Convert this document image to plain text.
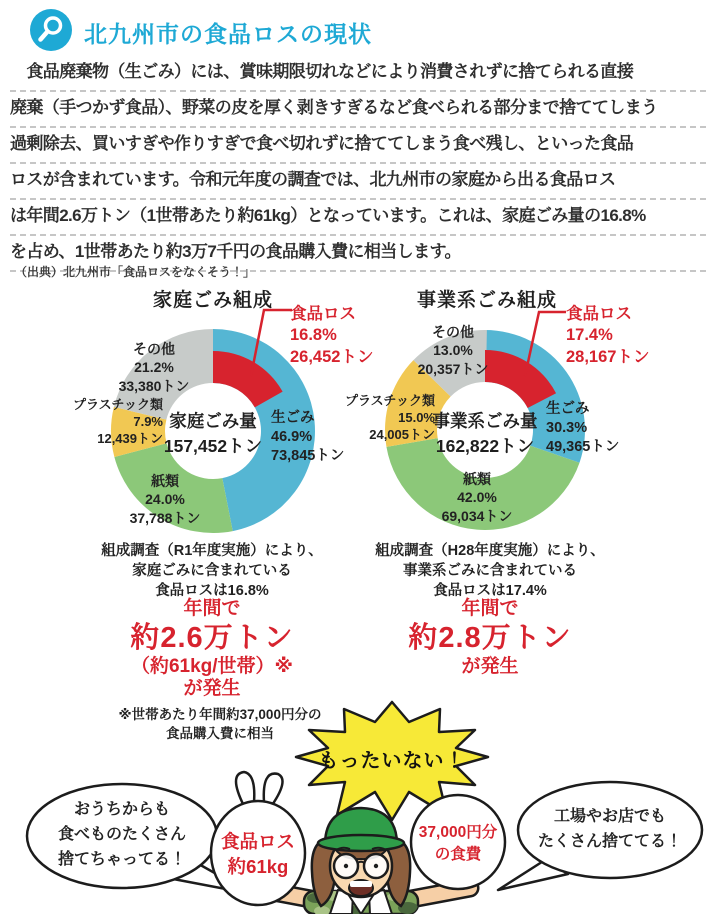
北九州市の食品ロスの現状
　食品廃棄物（生ごみ）には、賞味期限切れなどにより消費されずに捨てられる直接
廃棄（手つかず食品）、野菜の皮を厚く剥きすぎるなど食べられる部分まで捨ててしまう
過剰除去、買いすぎや作りすぎで食べ切れずに捨ててしまう食べ残し、といった食品
ロスが含まれています。令和元年度の調査では、北九州市の家庭から出る食品ロス
は年間2.6万トン（1世帯あたり約61kg）となっています。これは、家庭ごみ量の16.8%
を占め、1世帯あたり約3万7千円の食品購入費に相当します。
（出典）北九州市「食品ロスをなくそう！」
家庭ごみ組成
食品ロス
16.8%
26,452トン
その他
21.2%
33,380トン
プラスチック類
7.9%
12,439トン
家庭ごみ量
157,452トン
生ごみ
46.9%
73,845トン
紙類
24.0%
37,788トン
組成調査（R1年度実施）により、
家庭ごみに含まれている
食品ロスは16.8%
年間で
約2.6万トン
（約61kg/世帯）※
が発生
※世帯あたり年間約37,000円分の
食品購入費に相当
事業系ごみ組成
食品ロス
17.4%
28,167トン
その他
13.0%
20,357トン
プラスチック類
15.0%
24,005トン
事業系ごみ量
162,822トン
生ごみ
30.3%
49,365トン
紙類
42.0%
69,034トン
組成調査（H28年度実施）により、
事業系ごみに含まれている
食品ロスは17.4%
年間で
約2.8万トン
が発生
もったいない！
おうちからも
食べものたくさん
捨てちゃってる！
工場やお店でも
たくさん捨ててる！
食品ロス
約61kg
37,000円分
の食費
